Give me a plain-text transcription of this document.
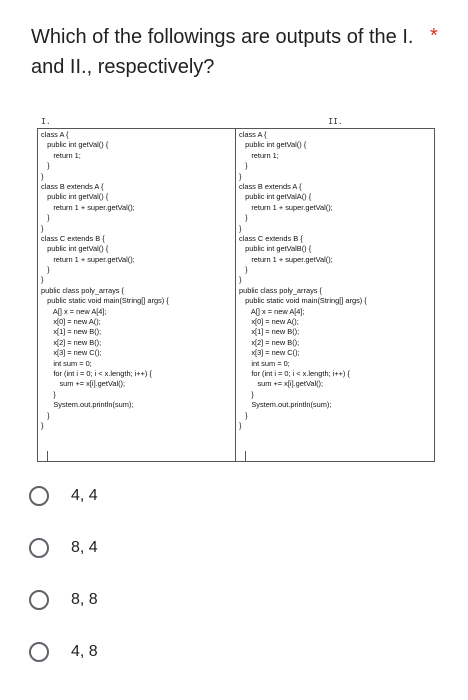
Which of the followings are outputs of the I. and II., respectively?
*
I.
class A {
public int getVal() {
return 1;
}
}
class B extends A {
public int getVal() {
return 1 + super.getVal();
}
}
class C extends B {
public int getVal() {
return 1 + super.getVal();
}
}
public class poly_arrays {
public static void main(String[] args) {
A[] x = new A[4];
x[0] = new A();
x[1] = new B();
x[2] = new B();
x[3] = new C();
int sum = 0;
for (int i = 0; i < x.length; i++) {
sum += x[i].getVal();
}
System.out.println(sum);
}
}
II.
class A {
public int getVal() {
return 1;
}
}
class B extends A {
public int getValA() {
return 1 + super.getVal();
}
}
class C extends B {
public int getValB() {
return 1 + super.getVal();
}
}
public class poly_arrays {
public static void main(String[] args) {
A[] x = new A[4];
x[0] = new A();
x[1] = new B();
x[2] = new B();
x[3] = new C();
int sum = 0;
for (int i = 0; i < x.length; i++) {
sum += x[i].getVal();
}
System.out.println(sum);
}
}
4, 4
8, 4
8, 8
4, 8
